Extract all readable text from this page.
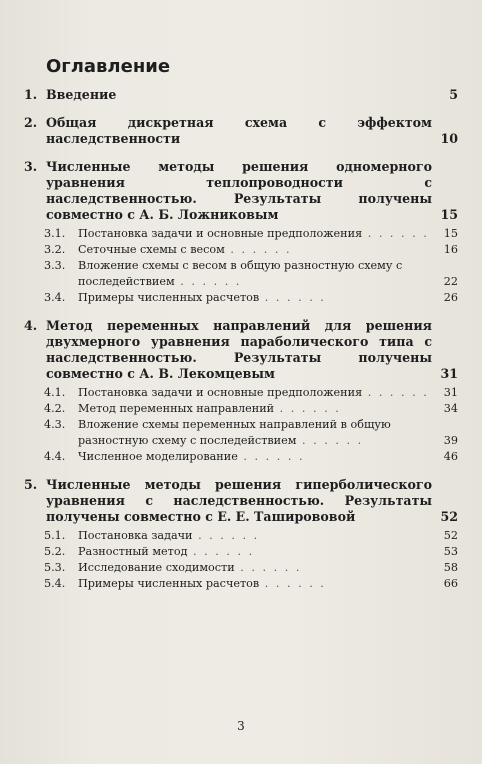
Оглавление
1. Введение	5
2. Общая дискретная схема с эффектом наследственности	10
3. Численные методы решения одномерного уравнения теплопроводности с наследственностью. Результаты получены совместно с А. Б. Ложниковым	15
3.1. Постановка задачи и основные предположения . . . . . . 15
3.2. Сеточные схемы с весом . . . . . .	16
3.3. Вложение схемы с весом в общую разностную схему с последействием . . . . . .	22
3.4. Примеры численных расчетов . . . . . .	26
4. Метод переменных направлений для решения двухмерного уравнения параболического типа с наследственностью. Результаты получены совместно с А. В. Лекомцевым	31
4.1. Постановка задачи и основные предположения . . . . . . 31
4.2. Метод переменных направлений . . . . . .	34
4.3. Вложение схемы переменных направлений в общую разностную схему с последействием . . . . . .	39
4.4. Численное моделирование . . . . . .	46
5. Численные методы решения гиперболического уравнения с наследственностью. Результаты получены совместно с Е. Е. Таширововой	52
5.1. Постановка задачи . . . . . .	52
5.2. Разностный метод . . . . . .	53
5.3. Исследование сходимости . . . . . .	58
5.4. Примеры численных расчетов . . . . . .	66
3
